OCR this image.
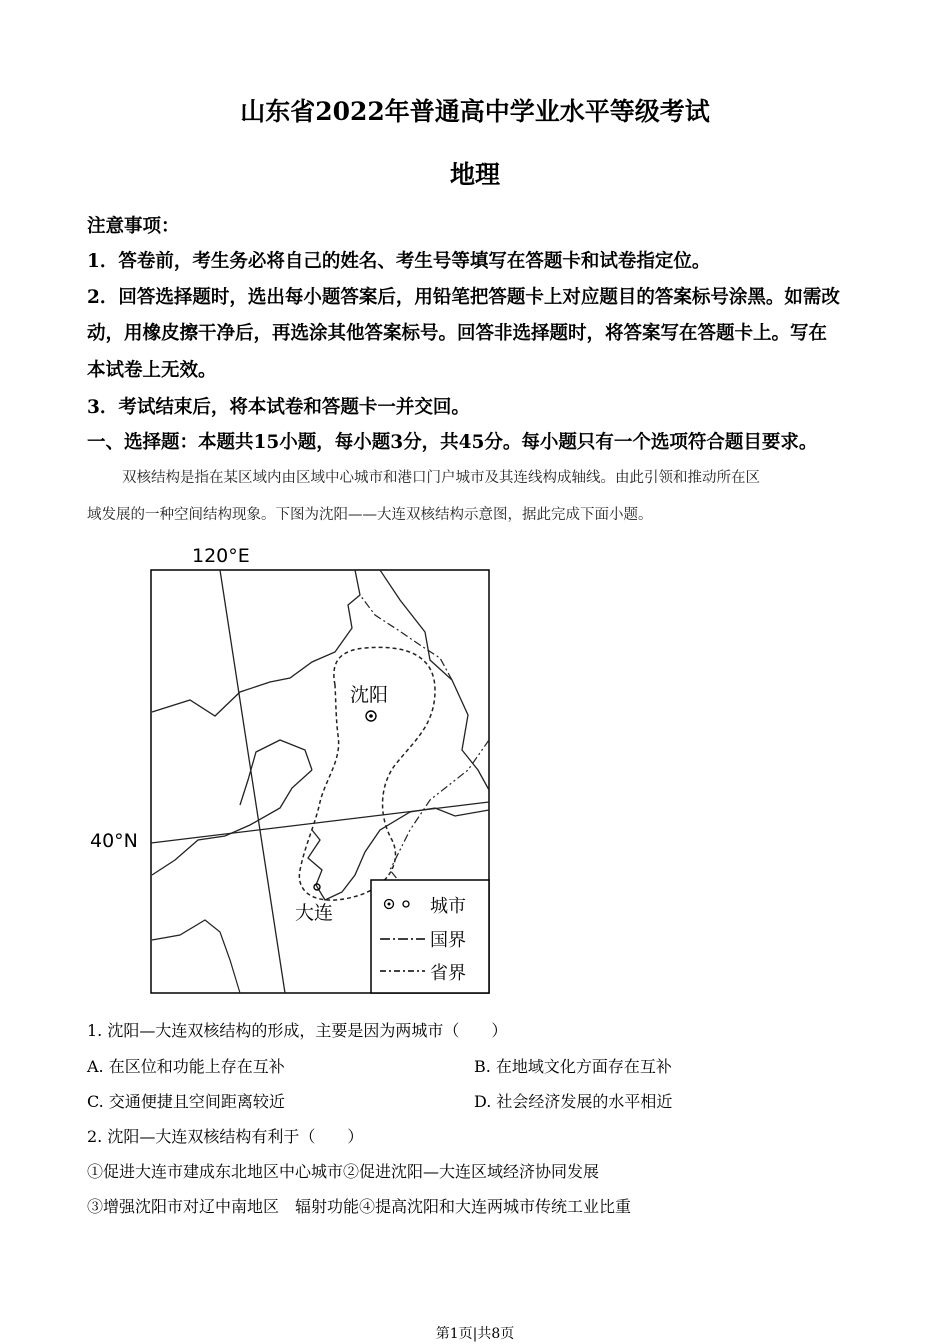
山东省2022年普通高中学业水平等级考试
地理
注意事项：
1．答卷前，考生务必将自己的姓名、考生号等填写在答题卡和试卷指定位。
2．回答选择题时，选出每小题答案后，用铅笔把答题卡上对应题目的答案标号涂黑。如需改
动，用橡皮擦干净后，再选涂其他答案标号。回答非选择题时，将答案写在答题卡上。写在
本试卷上无效。
3．考试结束后，将本试卷和答题卡一并交回。
一、选择题：本题共15小题，每小题3分，共45分。每小题只有一个选项符合题目要求。
双核结构是指在某区域内由区域中心城市和港口门户城市及其连线构成轴线。由此引领和推动所在区
域发展的一种空间结构现象。下图为沈阳——大连双核结构示意图，据此完成下面小题。
120°E
40°N
沈阳
大连	城市
国界
省界
1. 沈阳—大连双核结构的形成，主要是因为两城市（　　）
A. 在区位和功能上存在互补	B. 在地域文化方面存在互补
C. 交通便捷且空间距离较近	D. 社会经济发展的水平相近
2. 沈阳—大连双核结构有利于（　　）
①促进大连市建成东北地区中心城市②促进沈阳—大连区域经济协同发展
③增强沈阳市对辽中南地区　辐射功能④提高沈阳和大连两城市传统工业比重
第1页|共8页
